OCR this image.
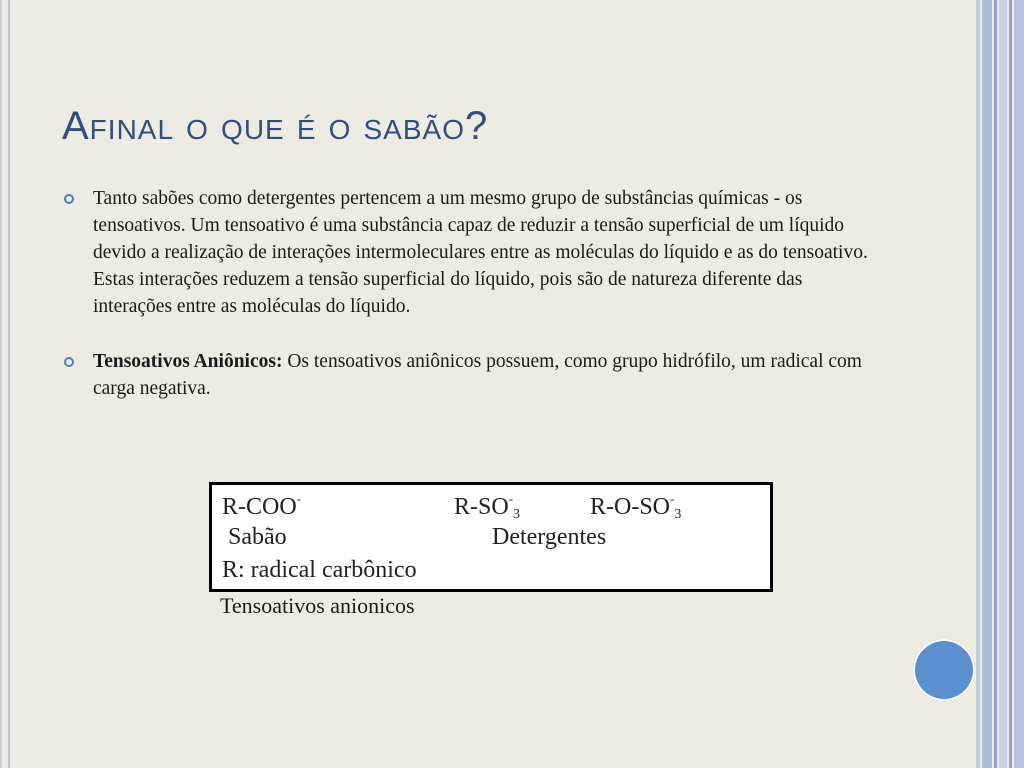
Afinal o que é o sabão?
Tanto sabões como detergentes pertencem a um mesmo grupo de substâncias químicas - os tensoativos. Um tensoativo é uma substância capaz de reduzir a tensão superficial de um líquido devido a realização de interações intermoleculares entre as moléculas do líquido e as do tensoativo. Estas interações reduzem a tensão superficial do líquido, pois são de natureza diferente das interações entre as moléculas do líquido.
Tensoativos Aniônicos: Os tensoativos aniônicos possuem, como grupo hidrófilo, um radical com carga negativa.
R-COO-	$R-SO^-_3$	$R-O-SO^-_3$
Sabão	Detergentes
R: radical carbônico

Tensoativos anionicos
